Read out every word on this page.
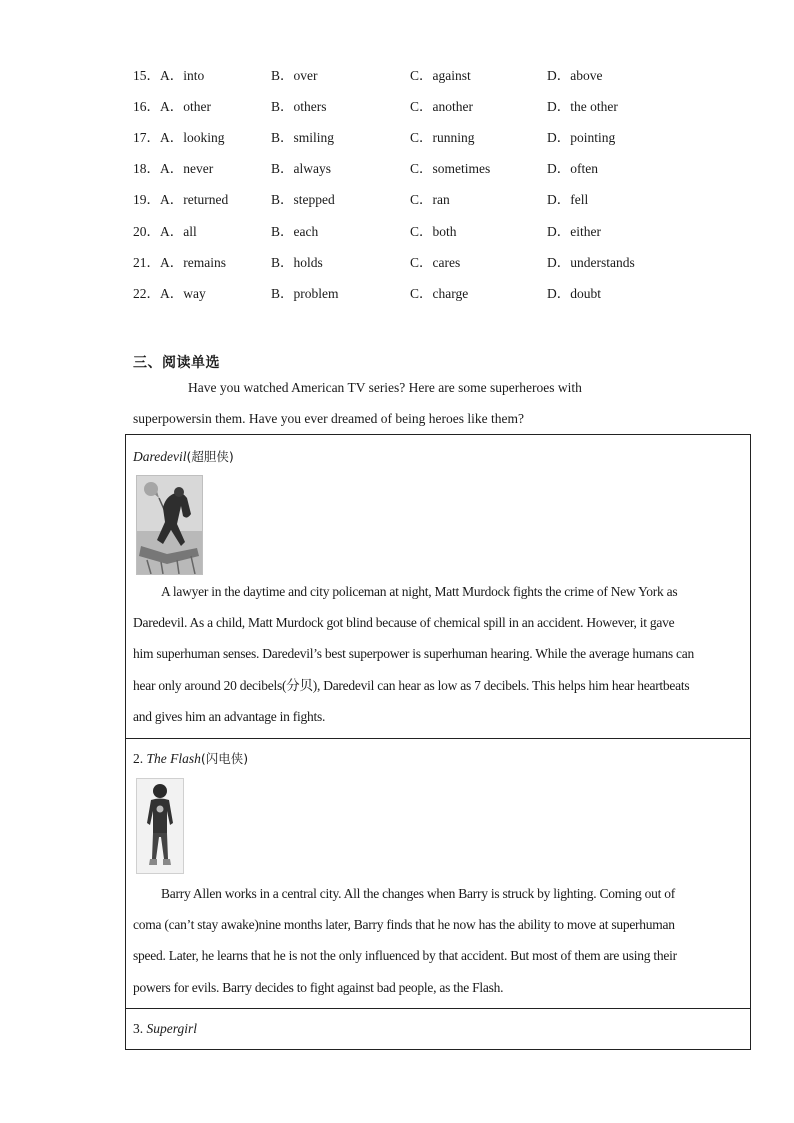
15． A．into	B．over	C．against	D．above
16． A．other	B．others	C．another	D．the other
17． A．looking	B．smiling	C．running	D．pointing
18． A．never	B．always	C．sometimes	D．often
19． A．returned	B．stepped	C．ran	D．fell
20． A．all	B．each	C．both	D．either
21． A．remains	B．holds	C．cares	D．understands
22． A．way	B．problem	C．charge	D．doubt
三、阅读单选
Have you watched American TV series? Here are some superheroes with
superpowersin them. Have you ever dreamed of being heroes like them?
Daredevil(超胆侠)
A lawyer in the daytime and city policeman at night, Matt Murdock fights the crime of New York as
Daredevil. As a child, Matt Murdock got blind because of chemical spill in an accident. However, it gave
him superhuman senses. Daredevil’s best superpower is superhuman hearing. While the average humans can
hear only around 20 decibels(分贝), Daredevil can hear as low as 7 decibels. This helps him hear heartbeats
and gives him an advantage in fights.
2. The Flash(闪电侠)
Barry Allen works in a central city. All the changes when Barry is struck by lighting. Coming out of
coma (can’t stay awake)nine months later, Barry finds that he now has the ability to move at superhuman
speed. Later, he learns that he is not the only influenced by that accident. But most of them are using their
powers for evils. Barry decides to fight against bad people, as the Flash.
3. Supergirl
